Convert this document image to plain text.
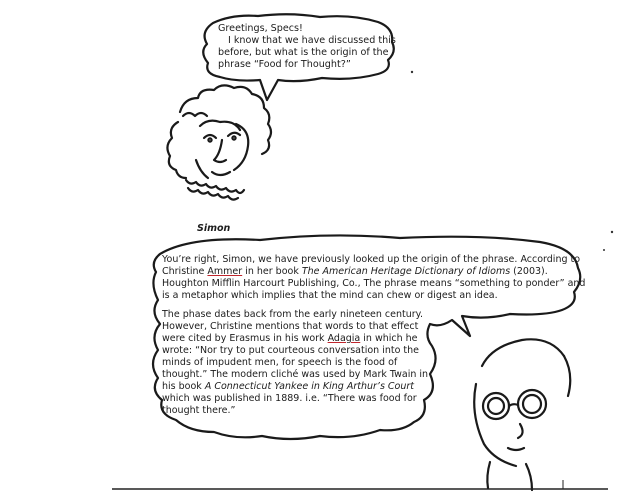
Greetings, Specs!
I know that we have discussed this
before, but what is the origin of the
phrase “Food for Thought?”
Simon
You’re right, Simon, we have previously looked up the origin of the phrase. According to
Christine Ammer in her book The American Heritage Dictionary of Idioms (2003).
Houghton Mifflin Harcourt Publishing, Co., The phrase means “something to ponder” and
is a metaphor which implies that the mind can chew or digest an idea.
The phase dates back from the early nineteen century.
However, Christine mentions that words to that effect
were cited by Erasmus in his work Adagia in which he
wrote: “Nor try to put courteous conversation into the
minds of impudent men, for speech is the food of
thought.” The modern cliché was used by Mark Twain in
his book A Connecticut Yankee in King Arthur’s Court
which was published in 1889. i.e. “There was food for
thought there.”
